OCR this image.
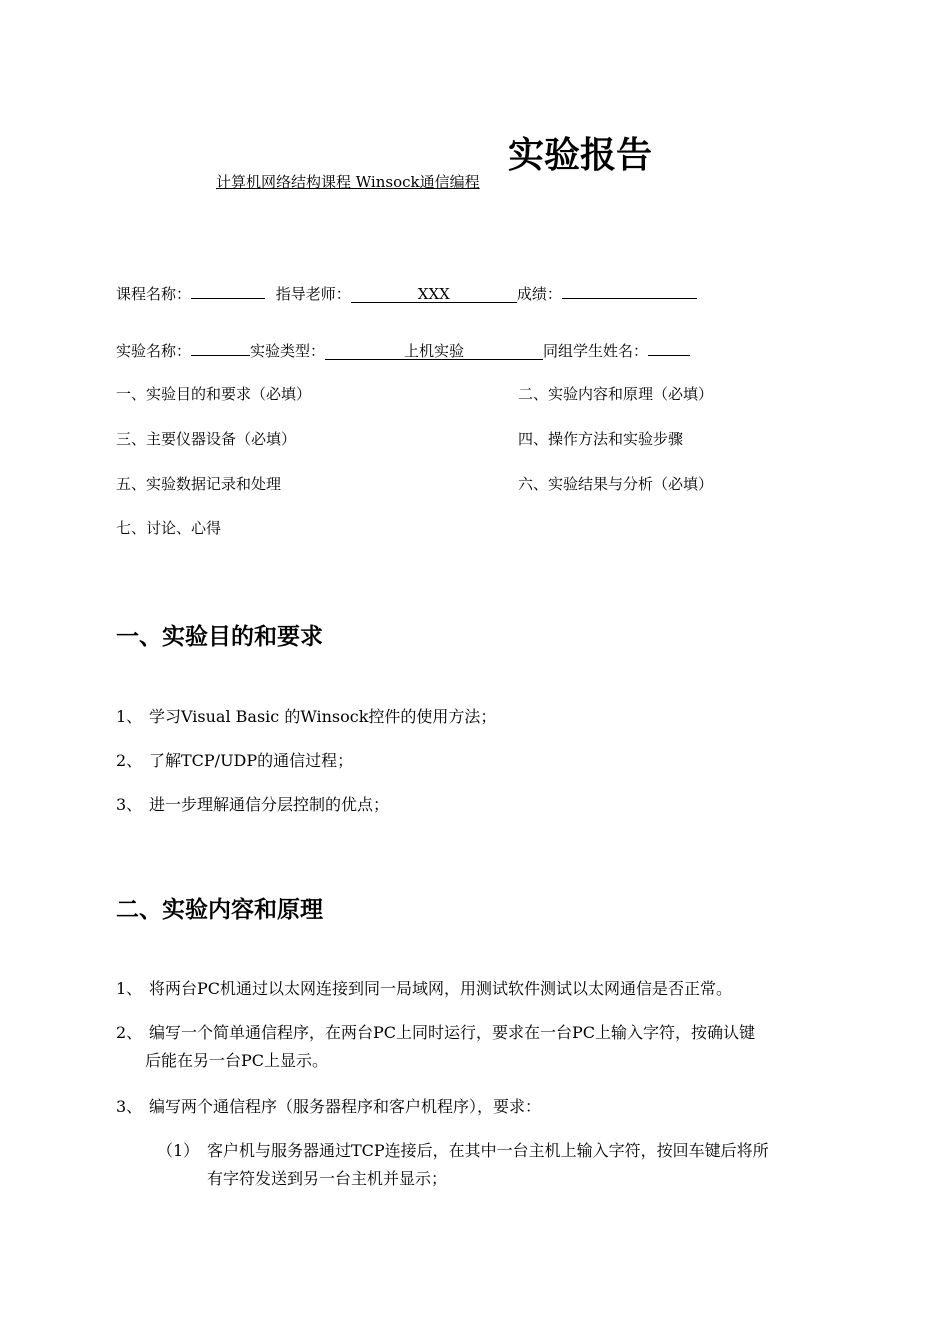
计算机网络结构课程 Winsock通信编程
实验报告
课程名称：	指导老师：	XXX	成绩：
实验名称：	实验类型：	上机实验	同组学生姓名：
一、实验目的和要求（必填）	二、实验内容和原理（必填）
三、主要仪器设备（必填）	四、操作方法和实验步骤
五、实验数据记录和处理	六、实验结果与分析（必填）
七、讨论、心得
一、实验目的和要求
1、 学习Visual Basic 的Winsock控件的使用方法；
2、 了解TCP/UDP的通信过程；
3、 进一步理解通信分层控制的优点；
二、实验内容和原理
1、 将两台PC机通过以太网连接到同一局域网，用测试软件测试以太网通信是否正常。
2、 编写一个简单通信程序，在两台PC上同时运行，要求在一台PC上输入字符，按确认键
后能在另一台PC上显示。
3、 编写两个通信程序（服务器程序和客户机程序），要求：
（1） 客户机与服务器通过TCP连接后，在其中一台主机上输入字符，按回车键后将所
有字符发送到另一台主机并显示；
